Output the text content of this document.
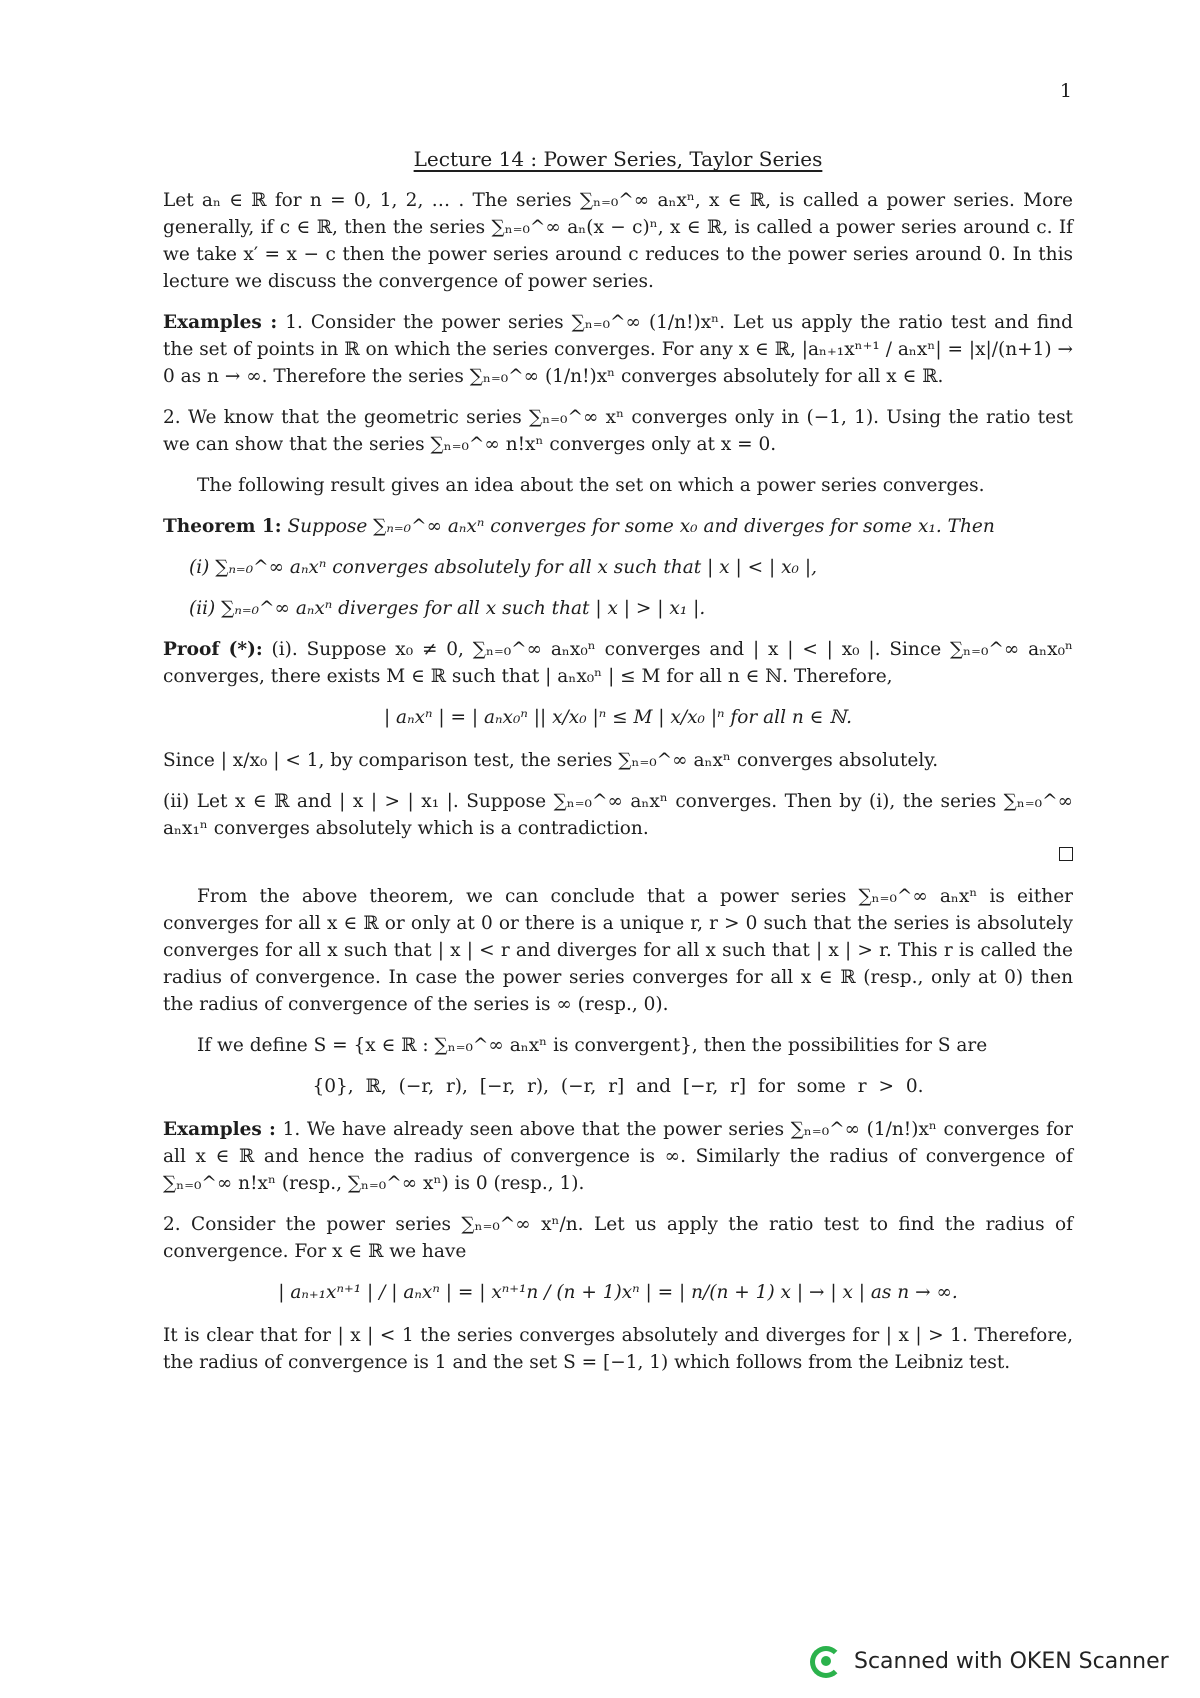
1
Lecture 14 : Power Series, Taylor Series

Let aₙ ∈ ℝ for n = 0, 1, 2, … . The series ∑ₙ₌₀^∞ aₙxⁿ, x ∈ ℝ, is called a power series. More generally, if c ∈ ℝ, then the series ∑ₙ₌₀^∞ aₙ(x − c)ⁿ, x ∈ ℝ, is called a power series around c. If we take x′ = x − c then the power series around c reduces to the power series around 0. In this lecture we discuss the convergence of power series.

Examples : 1. Consider the power series ∑ₙ₌₀^∞ (1/n!)xⁿ. Let us apply the ratio test and find the set of points in ℝ on which the series converges. For any x ∈ ℝ, |aₙ₊₁xⁿ⁺¹ / aₙxⁿ| = |x|/(n+1) → 0 as n → ∞. Therefore the series ∑ₙ₌₀^∞ (1/n!)xⁿ converges absolutely for all x ∈ ℝ.

2. We know that the geometric series ∑ₙ₌₀^∞ xⁿ converges only in (−1, 1). Using the ratio test we can show that the series ∑ₙ₌₀^∞ n!xⁿ converges only at x = 0.

The following result gives an idea about the set on which a power series converges.

Theorem 1: Suppose ∑ₙ₌₀^∞ aₙxⁿ converges for some x₀ and diverges for some x₁. Then

(i) ∑ₙ₌₀^∞ aₙxⁿ converges absolutely for all x such that | x | < | x₀ |,
(ii) ∑ₙ₌₀^∞ aₙxⁿ diverges for all x such that | x | > | x₁ |.

Proof (*): (i). Suppose x₀ ≠ 0, ∑ₙ₌₀^∞ aₙx₀ⁿ converges and | x | < | x₀ |. Since ∑ₙ₌₀^∞ aₙx₀ⁿ converges, there exists M ∈ ℝ such that | aₙx₀ⁿ | ≤ M for all n ∈ ℕ. Therefore,

| aₙxⁿ | = | aₙx₀ⁿ || x/x₀ |ⁿ ≤ M | x/x₀ |ⁿ for all n ∈ ℕ.

Since | x/x₀ | < 1, by comparison test, the series ∑ₙ₌₀^∞ aₙxⁿ converges absolutely.

(ii) Let x ∈ ℝ and | x | > | x₁ |. Suppose ∑ₙ₌₀^∞ aₙxⁿ converges. Then by (i), the series ∑ₙ₌₀^∞ aₙx₁ⁿ converges absolutely which is a contradiction.

From the above theorem, we can conclude that a power series ∑ₙ₌₀^∞ aₙxⁿ is either converges for all x ∈ ℝ or only at 0 or there is a unique r, r > 0 such that the series is absolutely converges for all x such that | x | < r and diverges for all x such that | x | > r. This r is called the radius of convergence. In case the power series converges for all x ∈ ℝ (resp., only at 0) then the radius of convergence of the series is ∞ (resp., 0).

If we define S = {x ∈ ℝ : ∑ₙ₌₀^∞ aₙxⁿ is convergent}, then the possibilities for S are

{0}, ℝ, (−r, r), [−r, r), (−r, r] and [−r, r] for some r > 0.

Examples : 1. We have already seen above that the power series ∑ₙ₌₀^∞ (1/n!)xⁿ converges for all x ∈ ℝ and hence the radius of convergence is ∞. Similarly the radius of convergence of ∑ₙ₌₀^∞ n!xⁿ (resp., ∑ₙ₌₀^∞ xⁿ) is 0 (resp., 1).

2. Consider the power series ∑ₙ₌₀^∞ xⁿ/n. Let us apply the ratio test to find the radius of convergence. For x ∈ ℝ we have

| aₙ₊₁xⁿ⁺¹ | / | aₙxⁿ | = | xⁿ⁺¹n / (n + 1)xⁿ | = | n/(n + 1) x | → | x | as n → ∞.

It is clear that for | x | < 1 the series converges absolutely and diverges for | x | > 1. Therefore, the radius of convergence is 1 and the set S = [−1, 1) which follows from the Leibniz test.

Scanned with OKEN Scanner
